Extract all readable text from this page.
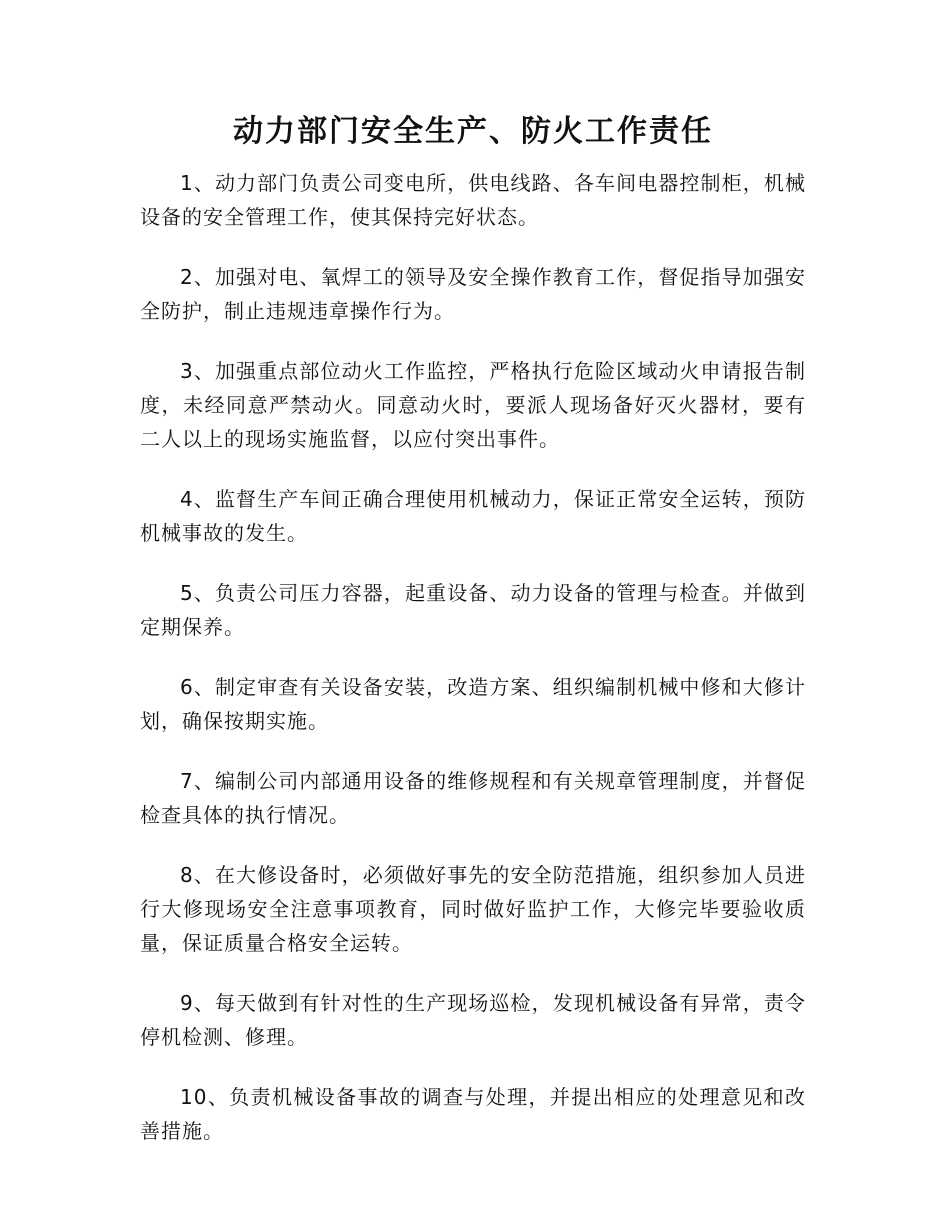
动力部门安全生产、防火工作责任

1、动力部门负责公司变电所，供电线路、各车间电器控制柜，机械设备的安全管理工作，使其保持完好状态。

2、加强对电、氧焊工的领导及安全操作教育工作，督促指导加强安全防护，制止违规违章操作行为。

3、加强重点部位动火工作监控，严格执行危险区域动火申请报告制度，未经同意严禁动火。同意动火时，要派人现场备好灭火器材，要有二人以上的现场实施监督，以应付突出事件。

4、监督生产车间正确合理使用机械动力，保证正常安全运转，预防机械事故的发生。

5、负责公司压力容器，起重设备、动力设备的管理与检查。并做到定期保养。

6、制定审查有关设备安装，改造方案、组织编制机械中修和大修计划，确保按期实施。

7、编制公司内部通用设备的维修规程和有关规章管理制度，并督促检查具体的执行情况。

8、在大修设备时，必须做好事先的安全防范措施，组织参加人员进行大修现场安全注意事项教育，同时做好监护工作，大修完毕要验收质量，保证质量合格安全运转。

9、每天做到有针对性的生产现场巡检，发现机械设备有异常，责令停机检测、修理。

10、负责机械设备事故的调查与处理，并提出相应的处理意见和改善措施。
